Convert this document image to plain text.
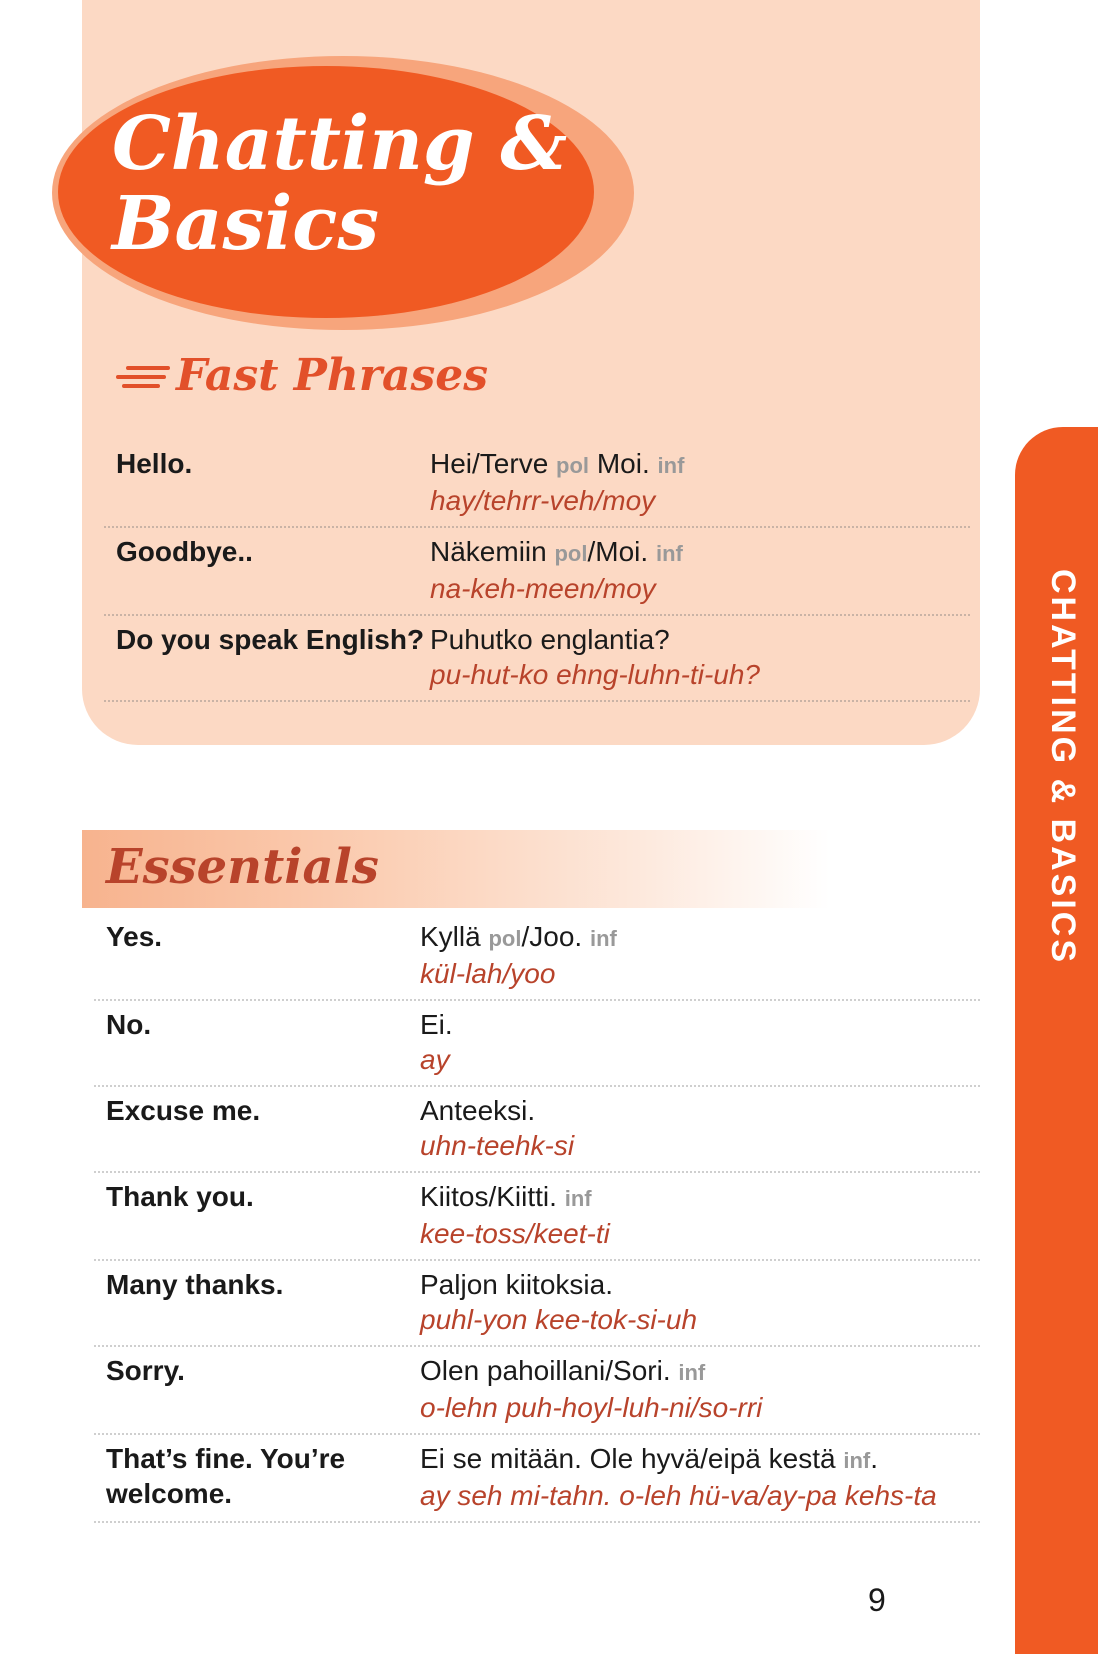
Chatting &
Basics
Fast Phrases
Hello.	Hei/Terve pol Moi. inf
hay/tehrr-veh/moy
Goodbye..	Näkemiin pol/Moi. inf
na-keh-meen/moy
Do you speak English? Puhutko englantia?
pu-hut-ko ehng-luhn-ti-uh?
Essentials
Yes.	Kyllä pol/Joo. inf
kül-lah/yoo
No.	Ei.
ay
Excuse me.	Anteeksi.
uhn-teehk-si
Thank you.	Kiitos/Kiitti. inf
kee-toss/keet-ti
Many thanks.	Paljon kiitoksia.
puhl-yon kee-tok-si-uh
Sorry.	Olen pahoillani/Sori. inf
o-lehn puh-hoyl-luh-ni/so-rri
That’s fine. You’re welcome.
Ei se mitään. Ole hyvä/eipä kestä inf.
ay seh mi-tahn. o-leh hü-va/ay-pa kehs-ta
CHATTING & BASICS
9
